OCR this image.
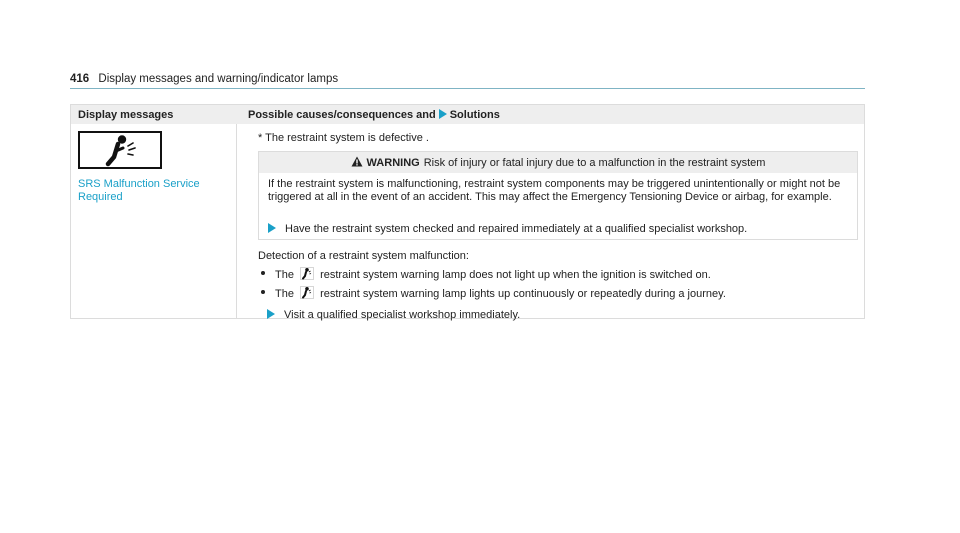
416 Display messages and warning/indicator lamps
Display messages	Possible causes/consequences and Solutions
SRS Malfunction Service Required
* The restraint system is defective .
WARNING Risk of injury or fatal injury due to a malfunction in the restraint system
If the restraint system is malfunctioning, restraint system components may be triggered unintentionally or might not be triggered at all in the event of an accident. This may affect the Emergency Tensioning Device or airbag, for example.
Have the restraint system checked and repaired immediately at a qualified specialist workshop.
Detection of a restraint system malfunction:
The restraint system warning lamp does not light up when the ignition is switched on.
The restraint system warning lamp lights up continuously or repeatedly during a journey.
Visit a qualified specialist workshop immediately.
